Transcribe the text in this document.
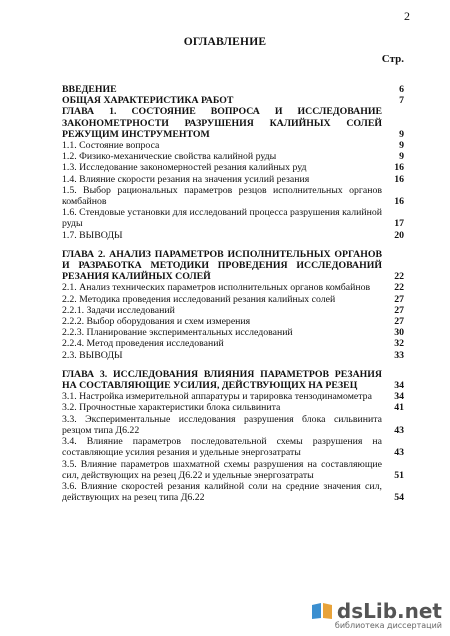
2
ОГЛАВЛЕНИЕ
Стр.
ВВЕДЕНИЕ	6
ОБЩАЯ ХАРАКТЕРИСТИКА РАБОТ	7
ГЛАВА 1. СОСТОЯНИЕ ВОПРОСА И ИССЛЕДОВАНИЕ ЗАКОНОМЕТРНОСТИ РАЗРУШЕНИЯ КАЛИЙНЫХ СОЛЕЙ РЕЖУЩИМ ИНСТРУМЕНТОМ	9
1.1. Состояние вопроса	9
1.2. Физико-механические свойства калийной руды	9
1.3. Исследование закономерностей резания калийных руд	16
1.4. Влияние скорости резания на значения усилий резания	16
1.5. Выбор рациональных параметров резцов исполнительных органов комбайнов	16
1.6. Стендовые установки для исследований процесса разрушения калийной руды	17
1.7. ВЫВОДЫ	20
ГЛАВА 2. АНАЛИЗ ПАРАМЕТРОВ ИСПОЛНИТЕЛЬНЫХ ОРГАНОВ И РАЗРАБОТКА МЕТОДИКИ ПРОВЕДЕНИЯ ИССЛЕДОВАНИЙ РЕЗАНИЯ КАЛИЙНЫХ СОЛЕЙ	22
2.1. Анализ технических параметров исполнительных органов комбайнов	22
2.2. Методика проведения исследований резания калийных солей	27
2.2.1. Задачи исследований	27
2.2.2. Выбор оборудования и схем измерения	27
2.2.3. Планирование экспериментальных исследований	30
2.2.4. Метод проведения исследований	32
2.3. ВЫВОДЫ	33
ГЛАВА 3. ИССЛЕДОВАНИЯ ВЛИЯНИЯ ПАРАМЕТРОВ РЕЗАНИЯ НА СОСТАВЛЯЮЩИЕ УСИЛИЯ, ДЕЙСТВУЮЩИХ НА РЕЗЕЦ	34
3.1. Настройка измерительной аппаратуры и тарировка тензодинамометра	34
3.2. Прочностные характеристики блока сильвинита	41
3.3. Экспериментальные исследования разрушения блока сильвинита резцом типа Д6.22	43
3.4. Влияние параметров последовательной схемы разрушения на составляющие усилия резания и удельные энергозатраты	43
3.5. Влияние параметров шахматной схемы разрушения на составляющие сил, действующих на резец Д6.22 и удельные энергозатраты	51
3.6. Влияние скоростей резания калийной соли на средние значения сил, действующих на резец типа Д6.22	54
dsLib.net
библиотека диссертаций
